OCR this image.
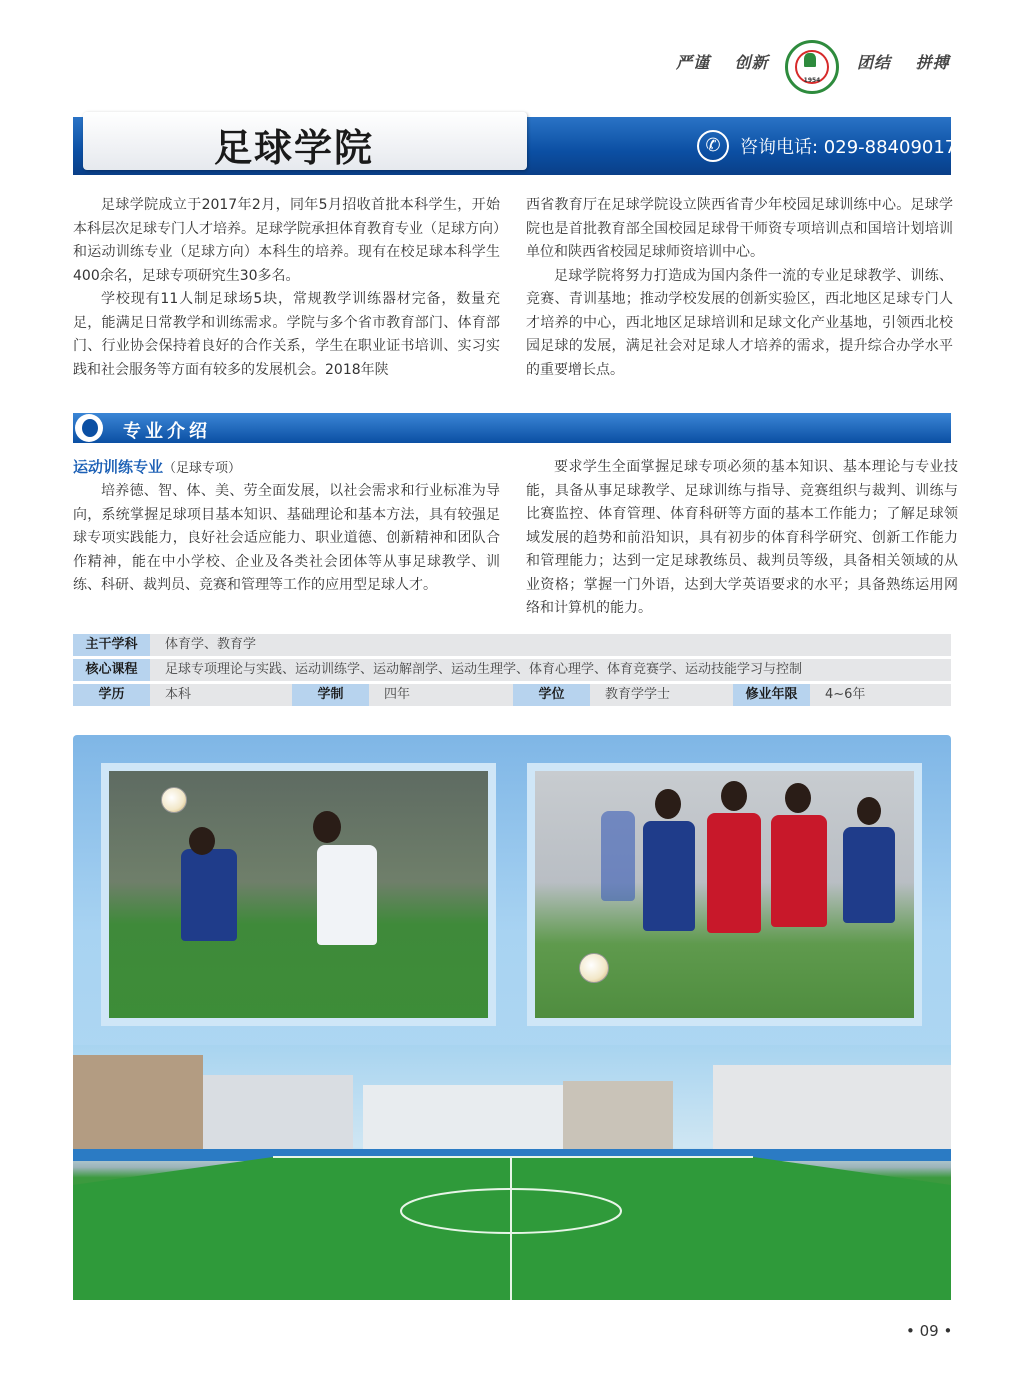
严谨 创新
1954
团结 拼搏
足球学院	✆	咨询电话: 029-88409017

足球学院成立于2017年2月，同年5月招收首批本科学生，开始本科层次足球专门人才培养。足球学院承担体育教育专业（足球方向）和运动训练专业（足球方向）本科生的培养。现有在校足球本科学生400余名，足球专项研究生30多名。

学校现有11人制足球场5块，常规教学训练器材完备，数量充足，能满足日常教学和训练需求。学院与多个省市教育部门、体育部门、行业协会保持着良好的合作关系，学生在职业证书培训、实习实践和社会服务等方面有较多的发展机会。2018年陕

西省教育厅在足球学院设立陕西省青少年校园足球训练中心。足球学院也是首批教育部全国校园足球骨干师资专项培训点和国培计划培训单位和陕西省校园足球师资培训中心。

足球学院将努力打造成为国内条件一流的专业足球教学、训练、竞赛、青训基地；推动学校发展的创新实验区，西北地区足球专门人才培养的中心，西北地区足球培训和足球文化产业基地，引领西北校园足球的发展，满足社会对足球人才培养的需求，提升综合办学水平的重要增长点。

专业介绍
运动训练专业（足球专项）

培养德、智、体、美、劳全面发展，以社会需求和行业标准为导向，系统掌握足球项目基本知识、基础理论和基本方法，具有较强足球专项实践能力，良好社会适应能力、职业道德、创新精神和团队合作精神，能在中小学校、企业及各类社会团体等从事足球教学、训练、科研、裁判员、竞赛和管理等工作的应用型足球人才。

要求学生全面掌握足球专项必须的基本知识、基本理论与专业技能，具备从事足球教学、足球训练与指导、竞赛组织与裁判、训练与比赛监控、体育管理、体育科研等方面的基本工作能力；了解足球领域发展的趋势和前沿知识，具有初步的体育科学研究、创新工作能力和管理能力；达到一定足球教练员、裁判员等级，具备相关领域的从业资格；掌握一门外语，达到大学英语要求的水平；具备熟练运用网络和计算机的能力。

主干学科	体育学、教育学
核心课程	足球专项理论与实践、运动训练学、运动解剖学、运动生理学、体育心理学、体育竞赛学、运动技能学习与控制
学历	本科	学制	四年	学位	教育学学士	修业年限	4~6年
• 09 •
